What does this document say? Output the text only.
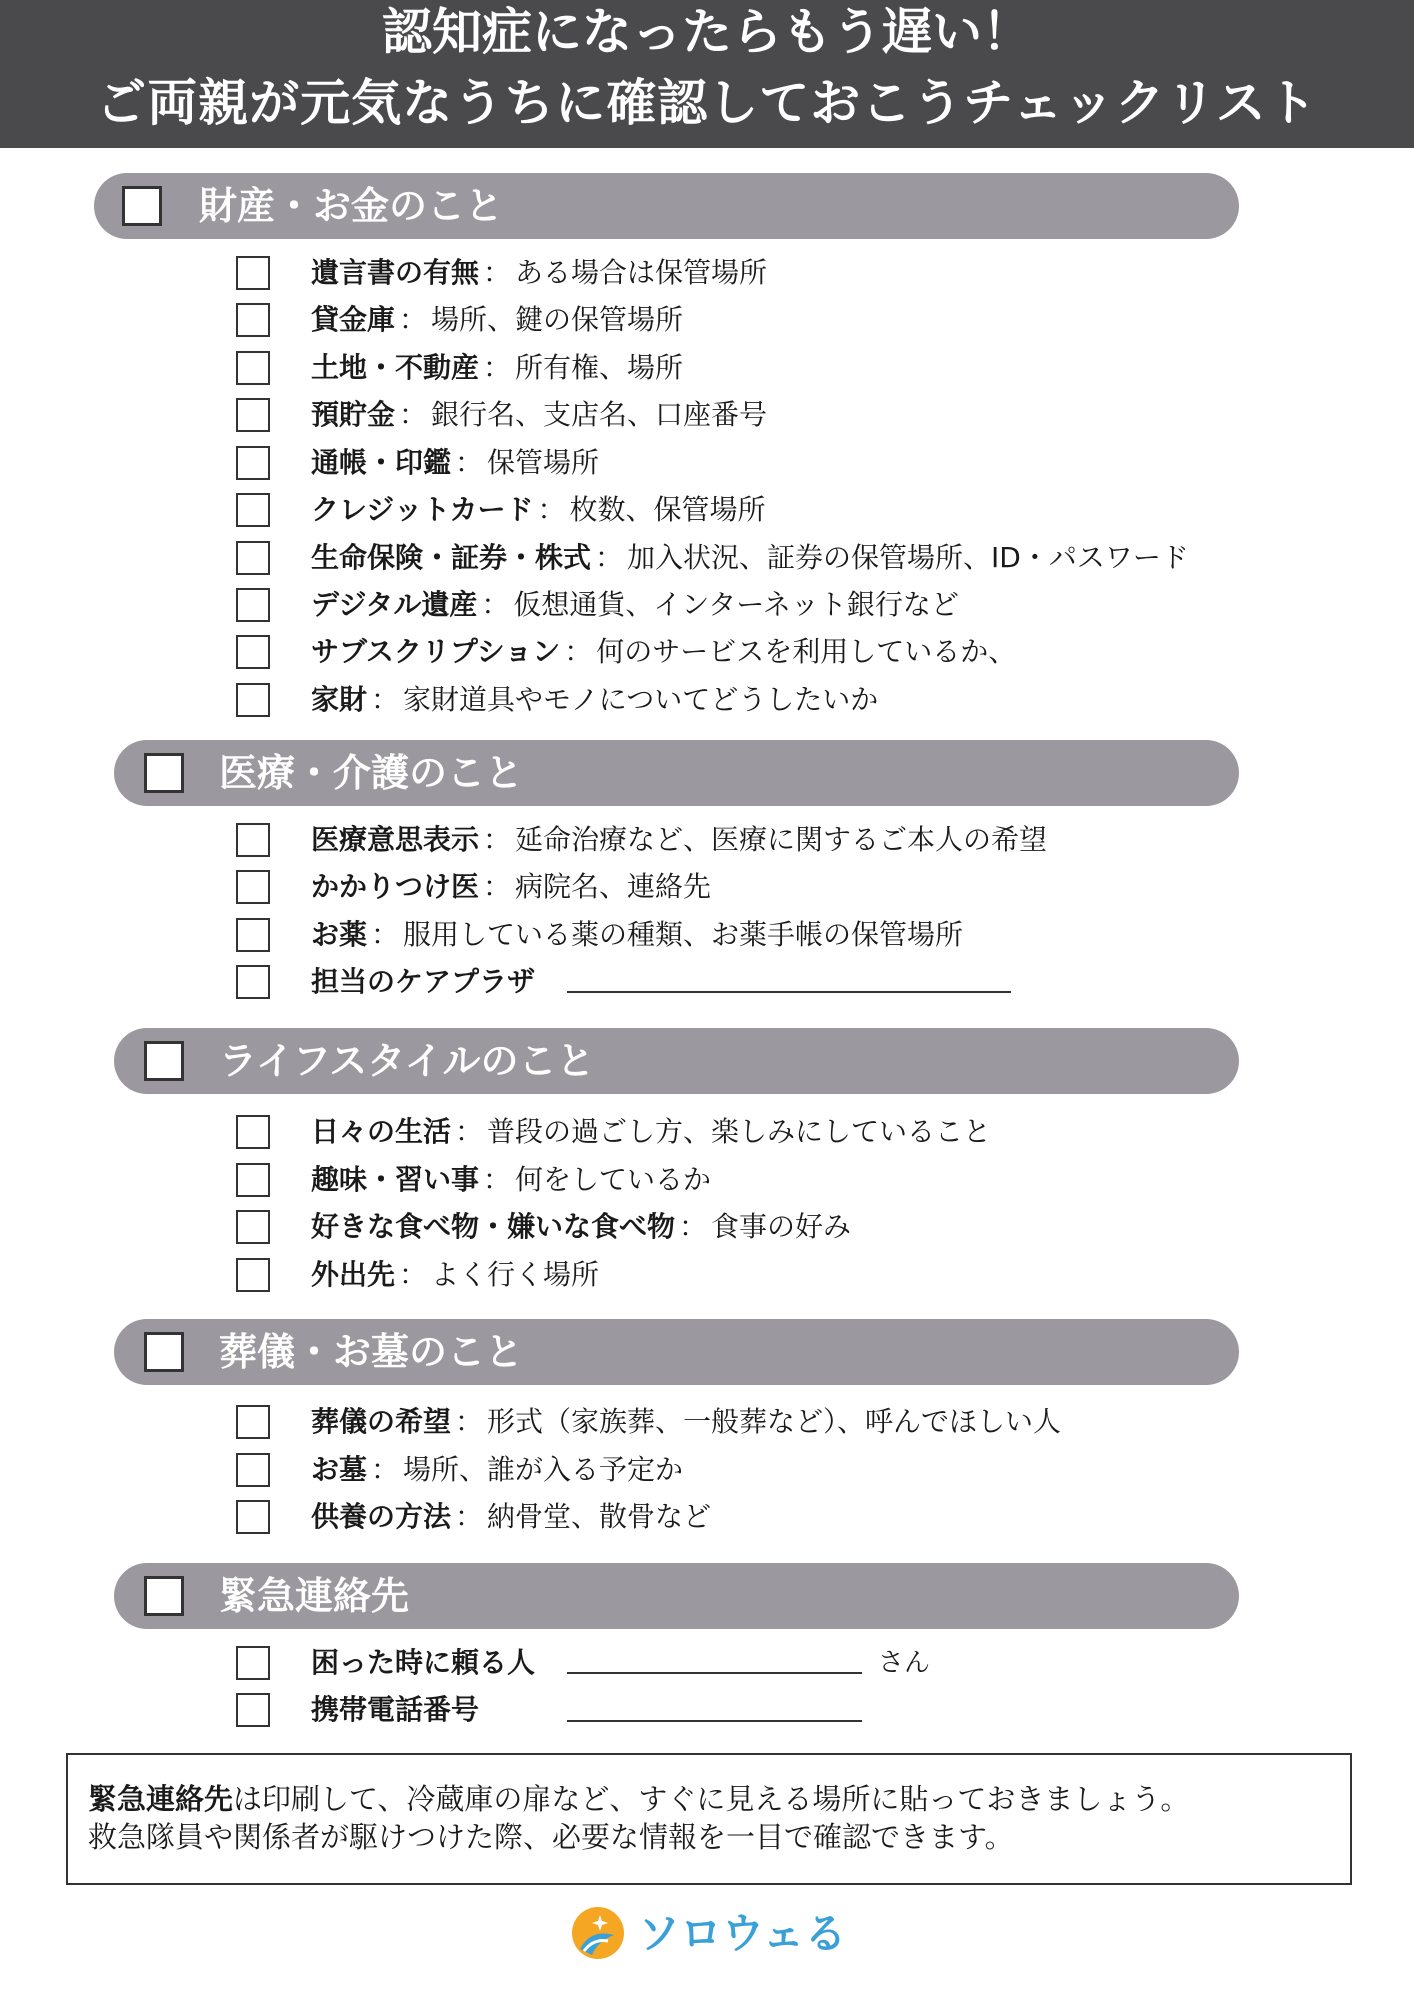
認知症になったらもう遅い！
ご両親が元気なうちに確認しておこうチェックリスト
財産・お金のこと
遺言書の有無 ： ある場合は保管場所
貸金庫 ： 場所、鍵の保管場所
土地・不動産 ： 所有権、場所
預貯金 ： 銀行名、支店名、口座番号
通帳・印鑑 ： 保管場所
クレジットカード ： 枚数、保管場所
生命保険・証券・株式 ： 加入状況、証券の保管場所、ID・パスワード
デジタル遺産 ： 仮想通貨、インターネット銀行など
サブスクリプション ： 何のサービスを利用しているか、
家財 ： 家財道具やモノについてどうしたいか
医療・介護のこと
医療意思表示 ： 延命治療など、医療に関するご本人の希望
かかりつけ医 ： 病院名、連絡先
お薬 ： 服用している薬の種類、お薬手帳の保管場所
担当のケアプラザ
ライフスタイルのこと
日々の生活 ： 普段の過ごし方、楽しみにしていること
趣味・習い事 ： 何をしているか
好きな食べ物・嫌いな食べ物 ： 食事の好み
外出先 ： よく行く場所
葬儀・お墓のこと
葬儀の希望 ： 形式（家族葬、一般葬など）、呼んでほしい人
お墓 ： 場所、誰が入る予定か
供養の方法 ： 納骨堂、散骨など
緊急連絡先
困った時に頼る人	さん
携帯電話番号
緊急連絡先は印刷して、冷蔵庫の扉など、すぐに見える場所に貼っておきましょう。
救急隊員や関係者が駆けつけた際、必要な情報を一目で確認できます。
ソロウェる
